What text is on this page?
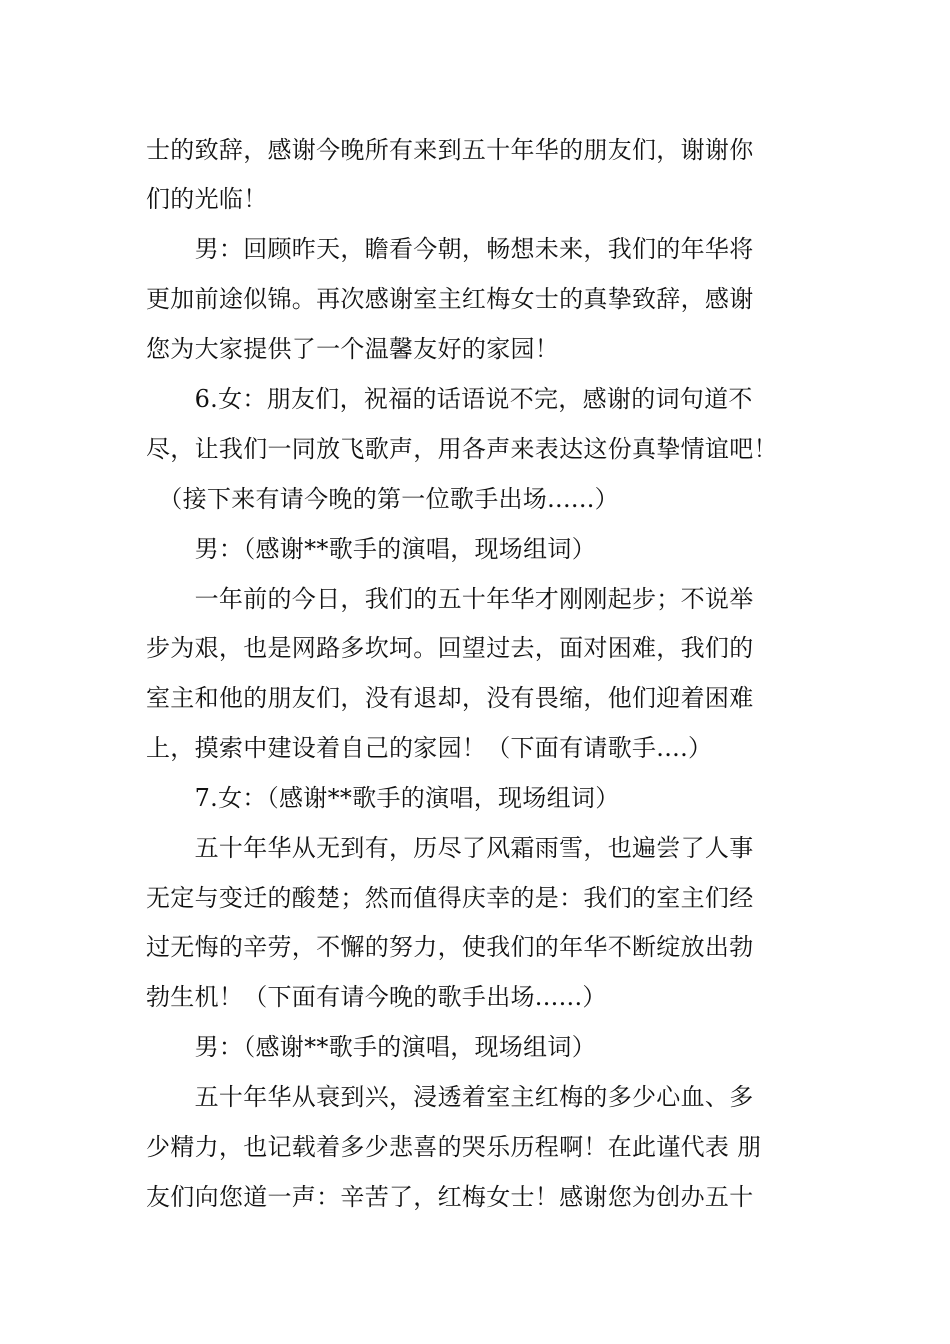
士的致辞，感谢今晚所有来到五十年华的朋友们，谢谢你
们的光临！
　　男：回顾昨天，瞻看今朝，畅想未来，我们的年华将
更加前途似锦。再次感谢室主红梅女士的真挚致辞，感谢
您为大家提供了一个温馨友好的家园！
　　6.女：朋友们，祝福的话语说不完，感谢的词句道不
尽，让我们一同放飞歌声，用各声来表达这份真挚情谊吧！
　（接下来有请今晚的第一位歌手出场......）
　　男：（感谢**歌手的演唱，现场组词）
　　一年前的今日，我们的五十年华才刚刚起步；不说举
步为艰，也是网路多坎坷。回望过去，面对困难，我们的
室主和他的朋友们，没有退却，没有畏缩，他们迎着困难
上，摸索中建设着自己的家园！（下面有请歌手....）
　　7.女：（感谢**歌手的演唱，现场组词）
　　五十年华从无到有，历尽了风霜雨雪，也遍尝了人事
无定与变迁的酸楚；然而值得庆幸的是：我们的室主们经
过无悔的辛劳，不懈的努力，使我们的年华不断绽放出勃
勃生机！（下面有请今晚的歌手出场......）
　　男：（感谢**歌手的演唱，现场组词）
　　五十年华从衰到兴，浸透着室主红梅的多少心血、多
少精力，也记载着多少悲喜的哭乐历程啊！在此谨代表 朋
友们向您道一声：辛苦了，红梅女士！感谢您为创办五十
